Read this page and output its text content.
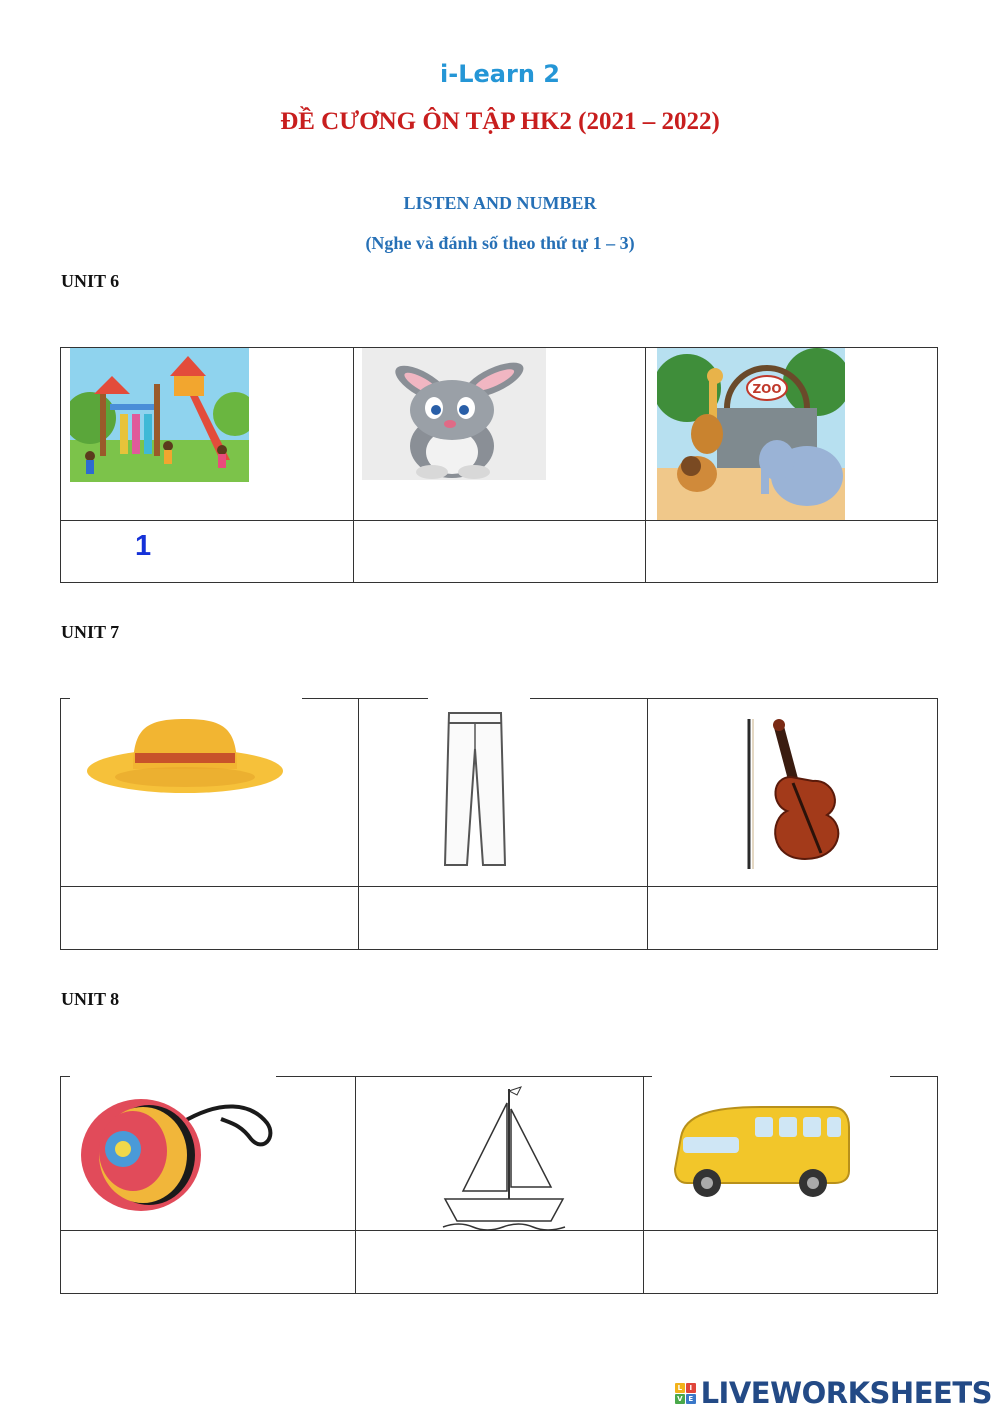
i-Learn 2
ĐỀ CƯƠNG ÔN TẬP HK2 (2021 – 2022)
LISTEN AND NUMBER
(Nghe và đánh số theo thứ tự 1 – 3)
UNIT 6
ZOO
1
UNIT 7
UNIT 8
L	I
V E LIVEWORKSHEETS
